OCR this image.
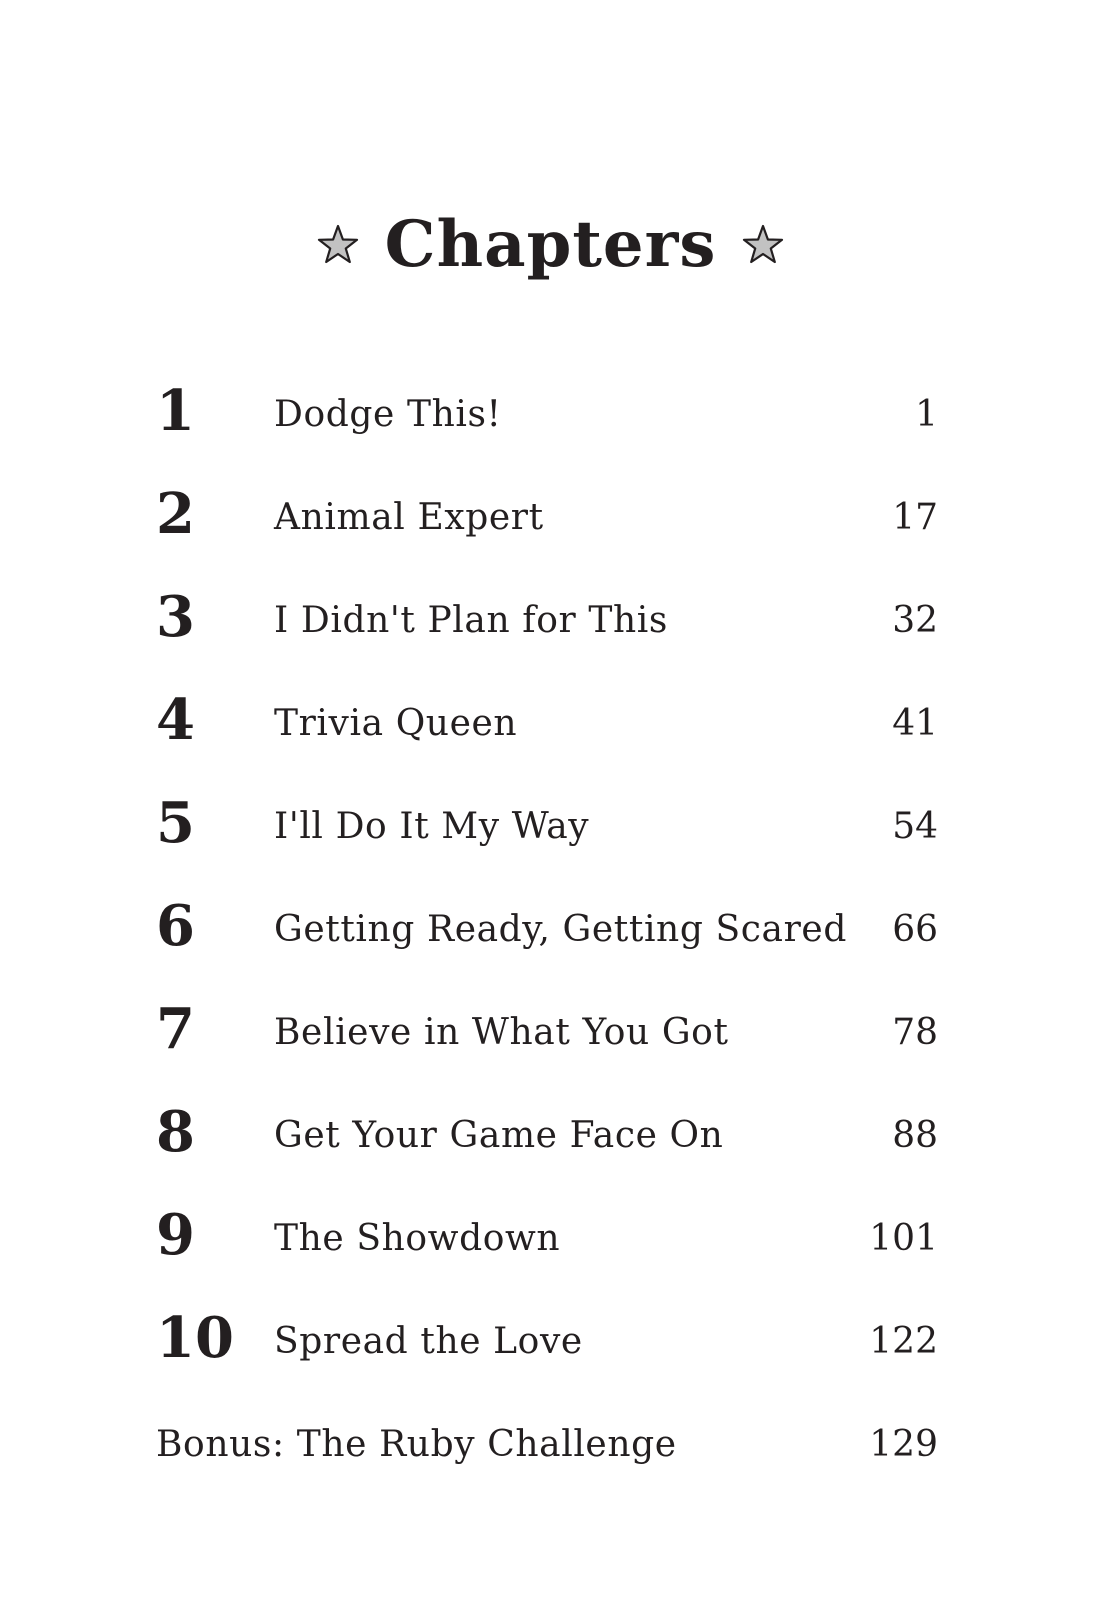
Chapters
1 Dodge This!	1
2 Animal Expert	17
3 I Didn't Plan for This	32
4 Trivia Queen	41
5 I'll Do It My Way	54
6 Getting Ready, Getting Scared 66
7 Believe in What You Got	78
8 Get Your Game Face On	88
9 The Showdown	101
10 Spread the Love	122
Bonus: The Ruby Challenge	129
